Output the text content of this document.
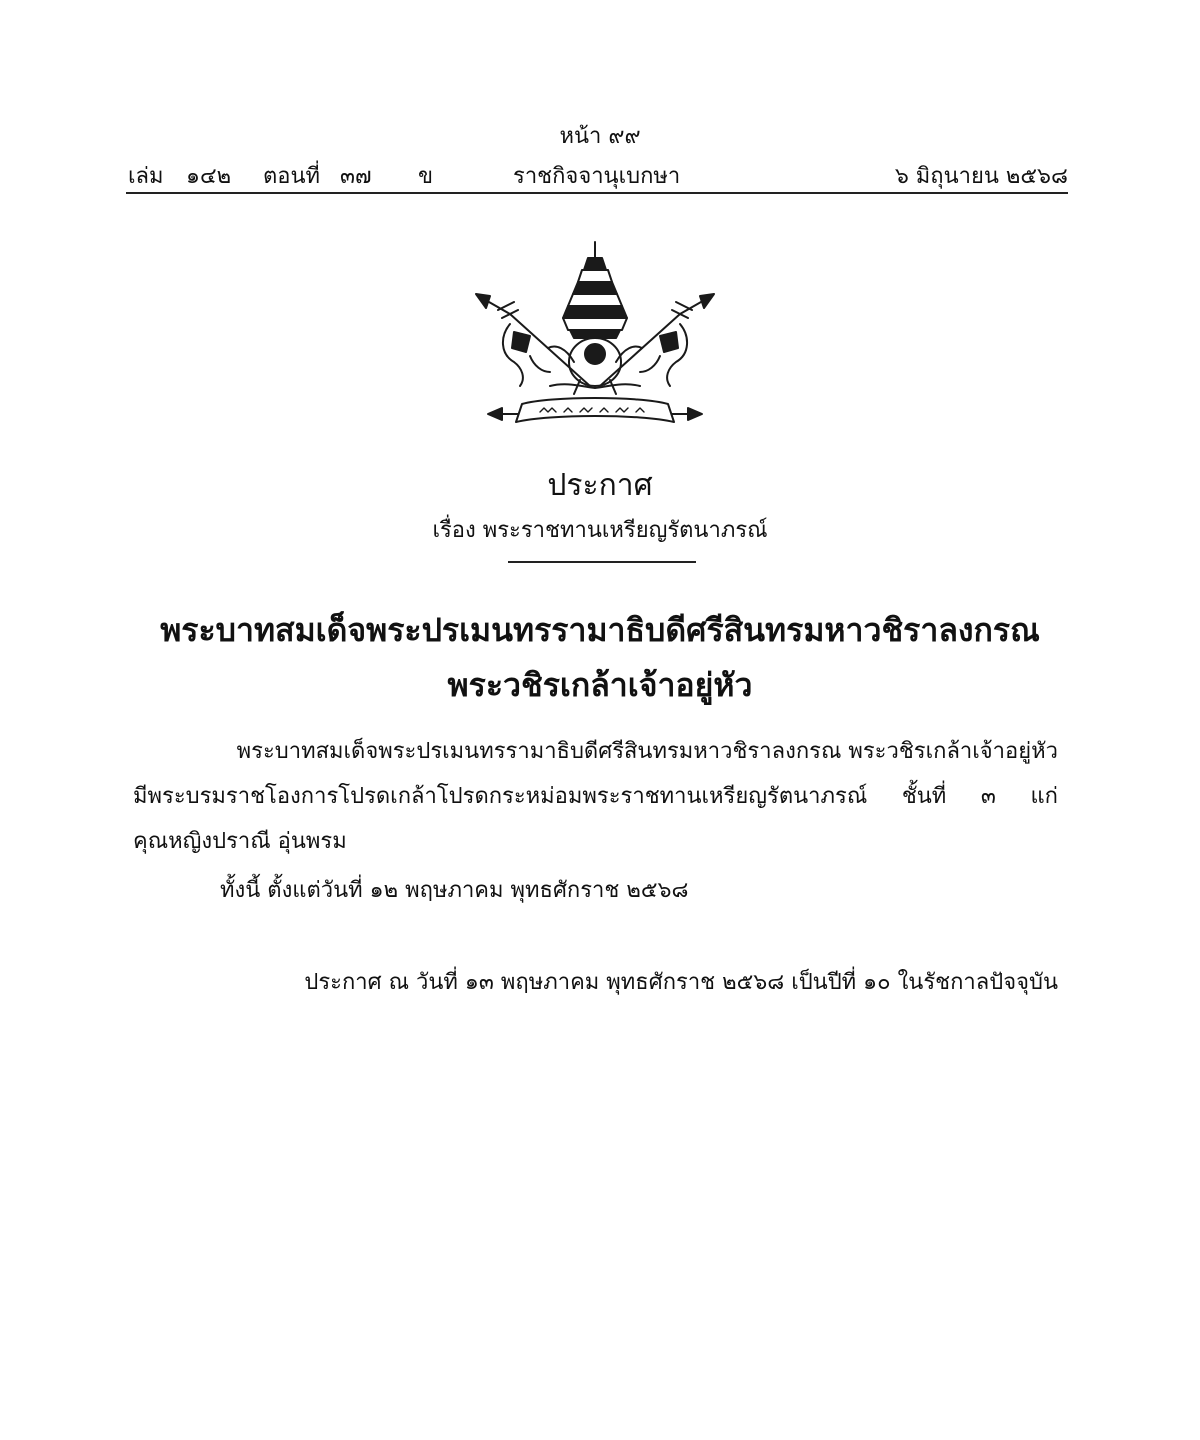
หน้า ๙๙
เล่ม ๑๔๒ ตอนที่ ๓๗ ข	ราชกิจจานุเบกษา	๖ มิถุนายน ๒๕๖๘
ประกาศ
เรื่อง พระราชทานเหรียญรัตนาภรณ์
พระบาทสมเด็จพระปรเมนทรรามาธิบดีศรีสินทรมหาวชิราลงกรณ
พระวชิรเกล้าเจ้าอยู่หัว
พระบาทสมเด็จพระปรเมนทรรามาธิบดีศรีสินทรมหาวชิราลงกรณ พระวชิรเกล้าเจ้าอยู่หัว
มีพระบรมราชโองการโปรดเกล้าโปรดกระหม่อมพระราชทานเหรียญรัตนาภรณ์ ชั้นที่ ๓ แก่
คุณหญิงปราณี อุ่นพรม
ทั้งนี้ ตั้งแต่วันที่ ๑๒ พฤษภาคม พุทธศักราช ๒๕๖๘
ประกาศ ณ วันที่ ๑๓ พฤษภาคม พุทธศักราช ๒๕๖๘ เป็นปีที่ ๑๐ ในรัชกาลปัจจุบัน
